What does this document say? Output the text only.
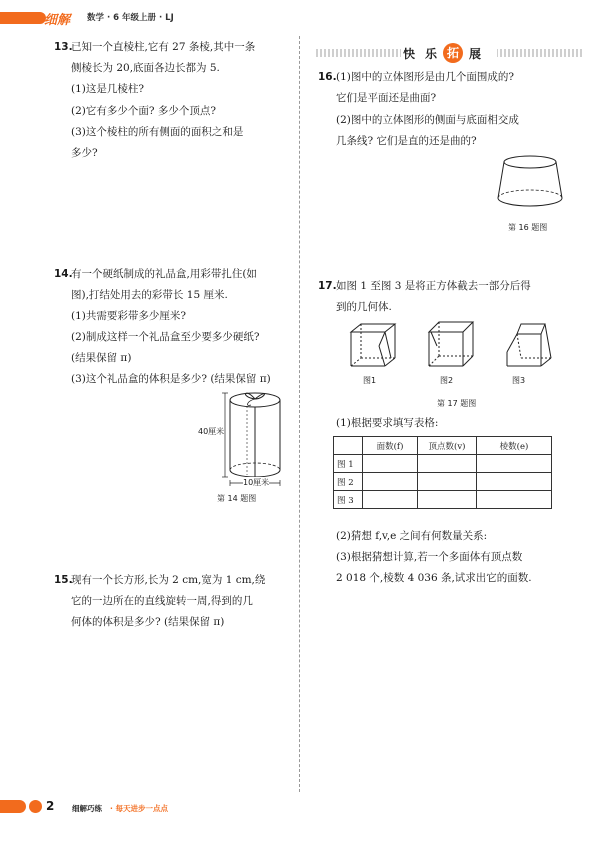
细解 数学 · 6 年级上册 · LJ
13.
已知一个直棱柱,它有 27 条棱,其中一条
侧棱长为 20,底面各边长都为 5.
(1)这是几棱柱?
(2)它有多少个面? 多少个顶点?
(3)这个棱柱的所有侧面的面积之和是
多少?
14.
有一个硬纸制成的礼品盒,用彩带扎住(如
图),打结处用去的彩带长 15 厘米.
(1)共需要彩带多少厘米?
(2)制成这样一个礼品盒至少要多少硬纸?
(结果保留 π)
(3)这个礼品盒的体积是多少? (结果保留 π)
40厘米
10厘米
第 14 题图
15.
现有一个长方形,长为 2 cm,宽为 1 cm,绕
它的一边所在的直线旋转一周,得到的几
何体的体积是多少? (结果保留 π)
快 乐 拓 展
16. (1)图中的立体图形是由几个面围成的?
它们是平面还是曲面?
(2)图中的立体图形的侧面与底面相交成
几条线? 它们是直的还是曲的?
第 16 题图
17. 如图 1 至图 3 是将正方体截去一部分后得
到的几何体.
图1	图2	图3
第 17 题图
(1)根据要求填写表格:
	面数(f)	顶点数(v)	棱数(e)
图 1			
图 2			
图 3			
(2)猜想 f,v,e 之间有何数量关系:
(3)根据猜想计算,若一个多面体有顶点数
2 018 个,棱数 4 036 条,试求出它的面数.
2 细解巧练 · 每天进步一点点
